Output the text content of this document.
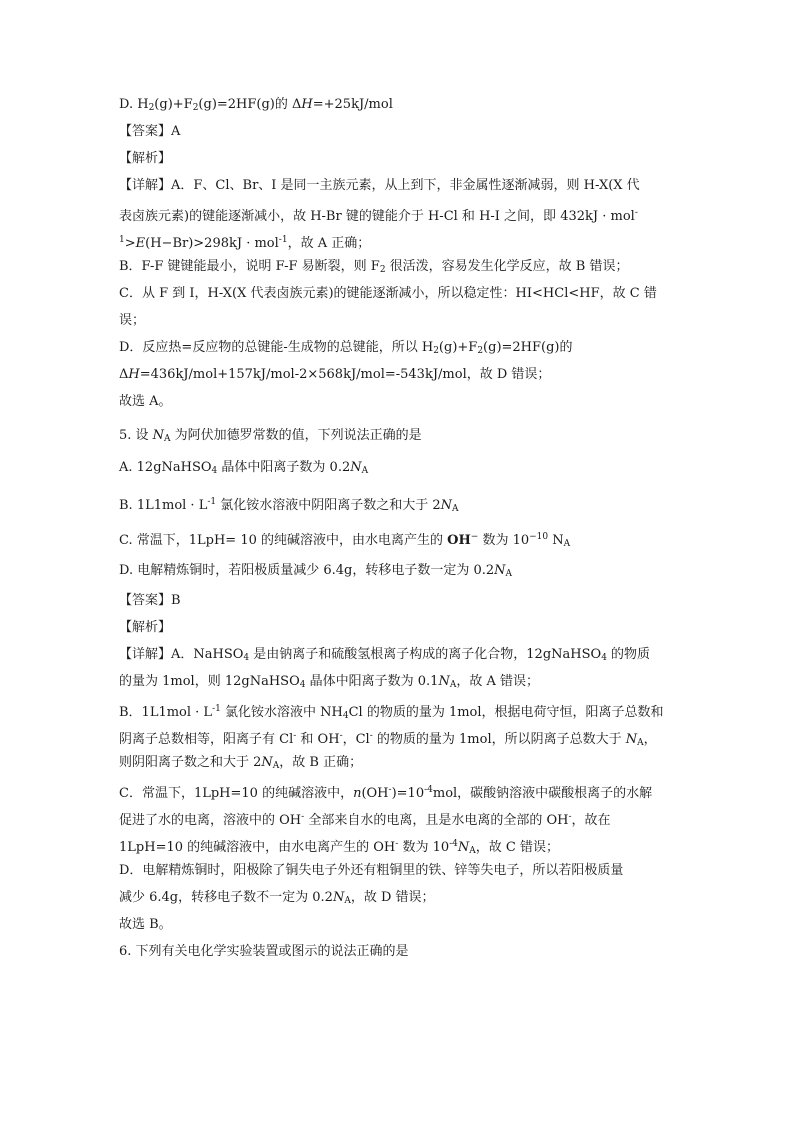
D. $H_2(g)+F_2(g)=2HF(g)$的 ΔH=+25kJ/mol
【答案】A
【解析】
【详解】A．F、Cl、Br、I 是同一主族元素，从上到下，非金属性逐渐减弱，则 H-X(X 代
表卤族元素)的键能逐渐减小，故 H-Br 键的键能介于 H-Cl 和 H-I 之间，即 432kJ · mol-
$^1$>E(H−Br)>298kJ · mol$^{-1}$，故 A 正确；
B．F-F 键键能最小，说明 F-F 易断裂，则 $F_2$ 很活泼，容易发生化学反应，故 B 错误；
C．从 F 到 I，H-X(X 代表卤族元素)的键能逐渐减小，所以稳定性：HI<HCl<HF，故 C 错
误；
D．反应热=反应物的总键能-生成物的总键能，所以 $H_2(g)+F_2(g)=2HF(g)$的
ΔH=436kJ/mol+157kJ/mol-2×568kJ/mol=-543kJ/mol，故 D 错误；
故选 A。
5. 设 $N_A$ 为阿伏加德罗常数的值，下列说法正确的是
A. 12gNaHSO$_4$ 晶体中阳离子数为 $0.2N_A$
B. $1L1mol \cdot L^{-1}$ 氯化铵水溶液中阴阳离子数之和大于 $2N_A$
C. 常温下，1LpH= 10 的纯碱溶液中，由水电离产生的 OH− 数为 $10^{-10}$ $N_A$
D. 电解精炼铜时，若阳极质量减少 6.4g，转移电子数一定为 $0.2N_A$
【答案】B
【解析】
【详解】A．NaHSO$_4$ 是由钠离子和硫酸氢根离子构成的离子化合物，12gNaHSO$_4$ 的物质
的量为 1mol，则 12gNaHSO$_4$ 晶体中阳离子数为 $0.1N_A$，故 A 错误；
B．$1L1mol \cdot L^{-1}$ 氯化铵水溶液中 $NH_4Cl$ 的物质的量为 1mol，根据电荷守恒，阳离子总数和
阴离子总数相等，阳离子有 Cl- 和 OH-，Cl- 的物质的量为 1mol，所以阴离子总数大于 $N_A$，
则阴阳离子数之和大于 $2N_A$，故 B 正确；
C．常温下，1LpH=10 的纯碱溶液中，$n(OH^-)=10^{-4}mol$，碳酸钠溶液中碳酸根离子的水解
促进了水的电离，溶液中的 OH- 全部来自水的电离，且是水电离的全部的 OH-，故在
1LpH=10 的纯碱溶液中，由水电离产生的 OH- 数为 $10^{-4}N_A$，故 C 错误；
D．电解精炼铜时，阳极除了铜失电子外还有粗铜里的铁、锌等失电子，所以若阳极质量
减少 6.4g，转移电子数不一定为 $0.2N_A$，故 D 错误；
故选 B。
6. 下列有关电化学实验装置或图示的说法正确的是
